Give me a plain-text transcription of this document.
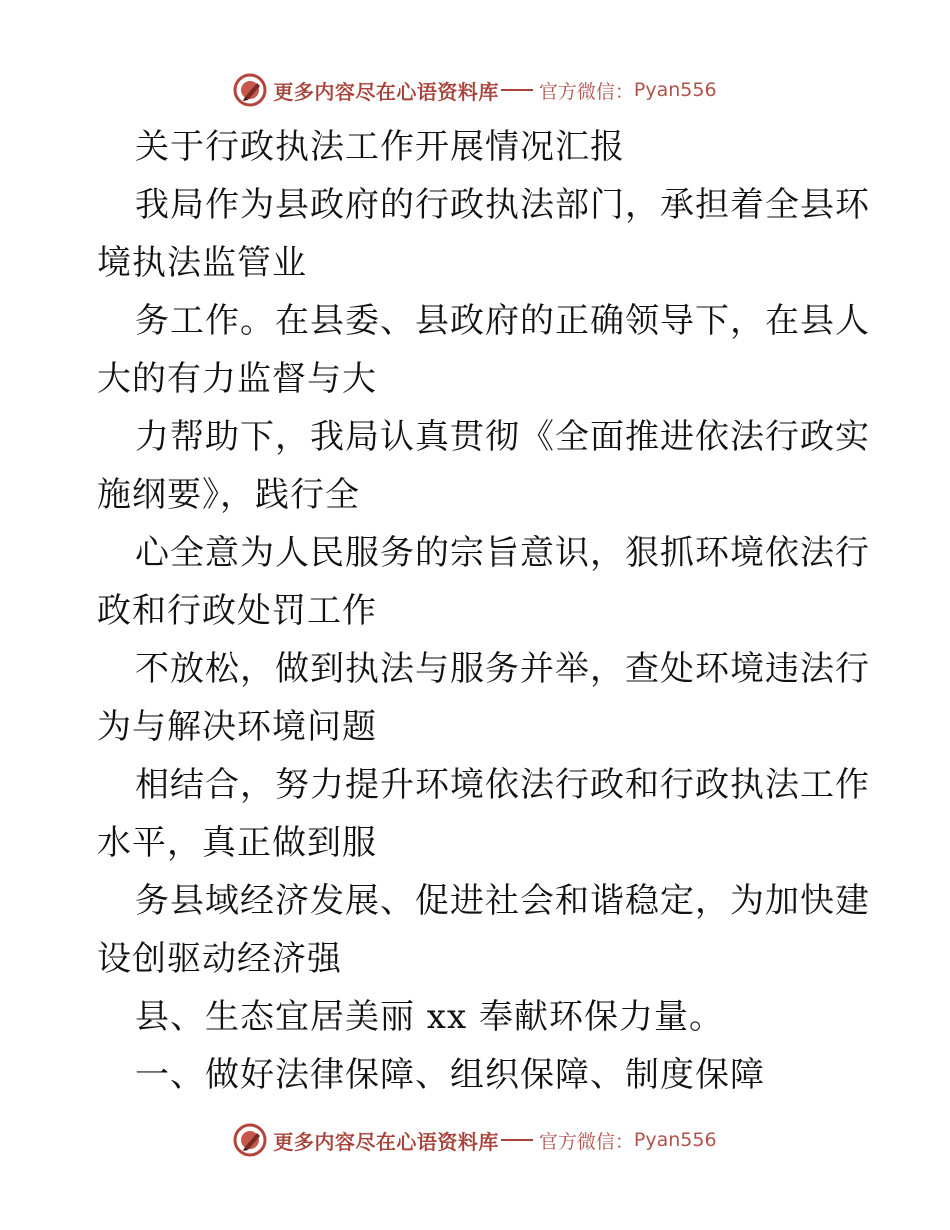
更多内容尽在心语资料库 官方微信： Pyan556
关于行政执法工作开展情况汇报
我局作为县政府的行政执法部门，承担着全县环
境执法监管业
务工作。在县委、县政府的正确领导下，在县人
大的有力监督与大
力帮助下，我局认真贯彻《全面推进依法行政实
施纲要》，践行全
心全意为人民服务的宗旨意识，狠抓环境依法行
政和行政处罚工作
不放松，做到执法与服务并举，查处环境违法行
为与解决环境问题
相结合，努力提升环境依法行政和行政执法工作
水平，真正做到服
务县域经济发展、促进社会和谐稳定，为加快建
设创驱动经济强
县、生态宜居美丽 xx 奉献环保力量。
一、做好法律保障、组织保障、制度保障
更多内容尽在心语资料库 官方微信： Pyan556
